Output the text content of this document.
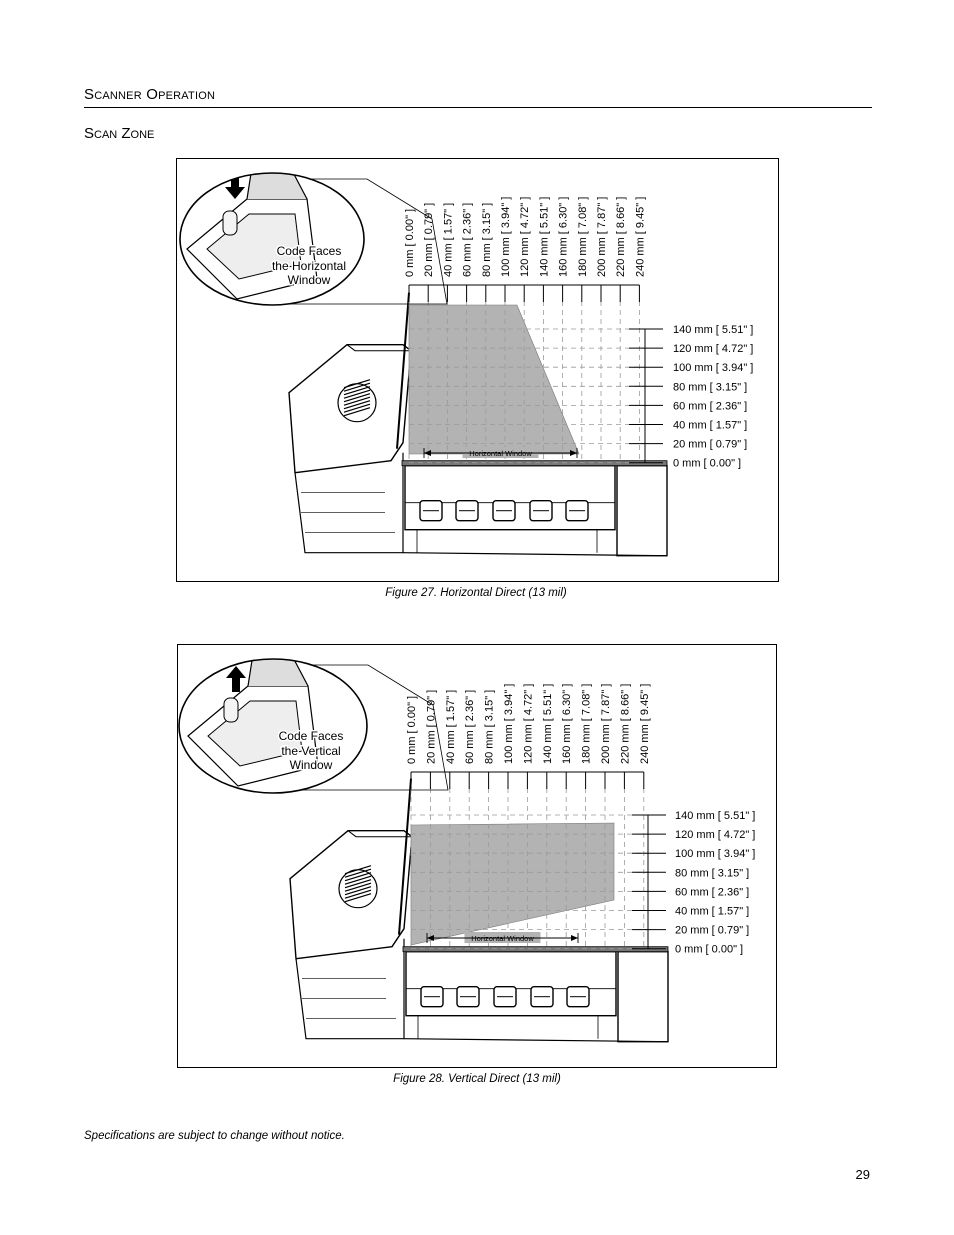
Scanner Operation
Scan Zone
0 mm [ 0.00" ] 20 mm [ 0.79" ] 40 mm [ 1.57" ] 60 mm [ 2.36" ] 80 mm [ 3.15" ] 100 mm [ 3.94" ] 120 mm [ 4.72" ] 140 mm [ 5.51" ] 160 mm [ 6.30" ] 180 mm [ 7.08" ] 200 mm [ 7.87" ] 220 mm [ 8.66" ] 240 mm [ 9.45" ]
140 mm [ 5.51" ]
120 mm [ 4.72" ]
100 mm [ 3.94" ]
80 mm [ 3.15" ]
60 mm [ 2.36" ]
40 mm [ 1.57" ]
20 mm [ 0.79" ]
0 mm [ 0.00" ]
Horizontal Window
Code Faces
the Horizontal
Window
Figure 27. Horizontal Direct (13 mil)
0 mm [ 0.00" ] 20 mm [ 0.79" ] 40 mm [ 1.57" ] 60 mm [ 2.36" ] 80 mm [ 3.15" ] 100 mm [ 3.94" ] 120 mm [ 4.72" ] 140 mm [ 5.51" ] 160 mm [ 6.30" ] 180 mm [ 7.08" ] 200 mm [ 7.87" ] 220 mm [ 8.66" ] 240 mm [ 9.45" ]
140 mm [ 5.51" ]
120 mm [ 4.72" ]
100 mm [ 3.94" ]
80 mm [ 3.15" ]
60 mm [ 2.36" ]
40 mm [ 1.57" ]
20 mm [ 0.79" ]
0 mm [ 0.00" ]
Horizontal Window
Code Faces
the Vertical
Window
Figure 28. Vertical Direct (13 mil)
Specifications are subject to change without notice.
29
